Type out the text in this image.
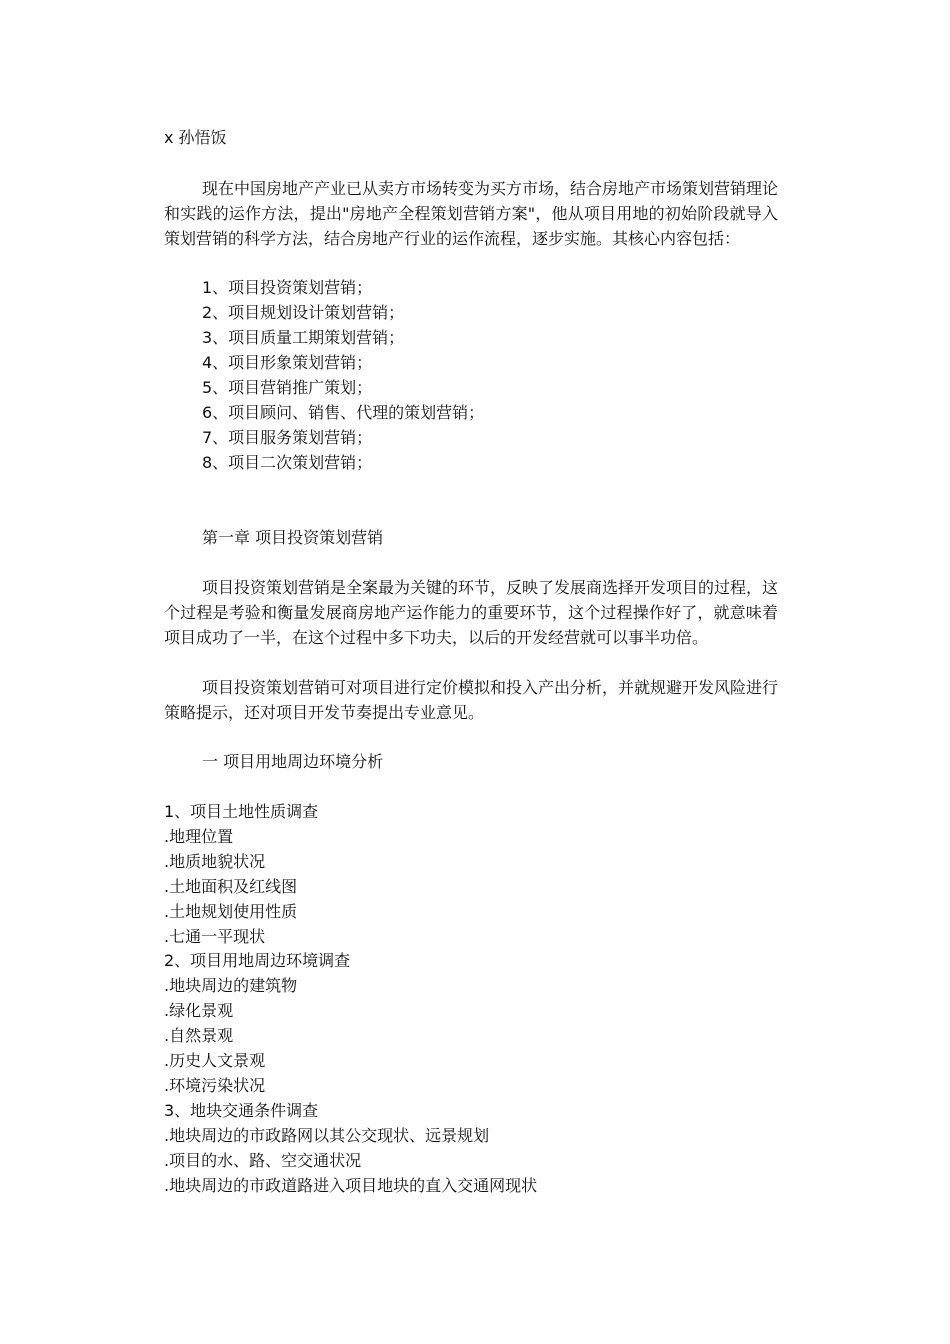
x 孙悟饭

现在中国房地产产业已从卖方市场转变为买方市场，结合房地产市场策划营销理论和实践的运作方法，提出"房地产全程策划营销方案"，他从项目用地的初始阶段就导入策划营销的科学方法，结合房地产行业的运作流程，逐步实施。其核心内容包括：

1、项目投资策划营销；
2、项目规划设计策划营销；
3、项目质量工期策划营销；
4、项目形象策划营销；
5、项目营销推广策划；
6、项目顾问、销售、代理的策划营销；
7、项目服务策划营销；
8、项目二次策划营销；
第一章 项目投资策划营销

项目投资策划营销是全案最为关键的环节，反映了发展商选择开发项目的过程，这个过程是考验和衡量发展商房地产运作能力的重要环节，这个过程操作好了，就意味着项目成功了一半，在这个过程中多下功夫，以后的开发经营就可以事半功倍。

项目投资策划营销可对项目进行定价模拟和投入产出分析，并就规避开发风险进行策略提示，还对项目开发节奏提出专业意见。

一 项目用地周边环境分析
1、项目土地性质调查
.地理位置
.地质地貌状况
.土地面积及红线图
.土地规划使用性质
.七通一平现状
2、项目用地周边环境调查
.地块周边的建筑物
.绿化景观
.自然景观
.历史人文景观
.环境污染状况
3、地块交通条件调查
.地块周边的市政路网以其公交现状、远景规划
.项目的水、路、空交通状况
.地块周边的市政道路进入项目地块的直入交通网现状
